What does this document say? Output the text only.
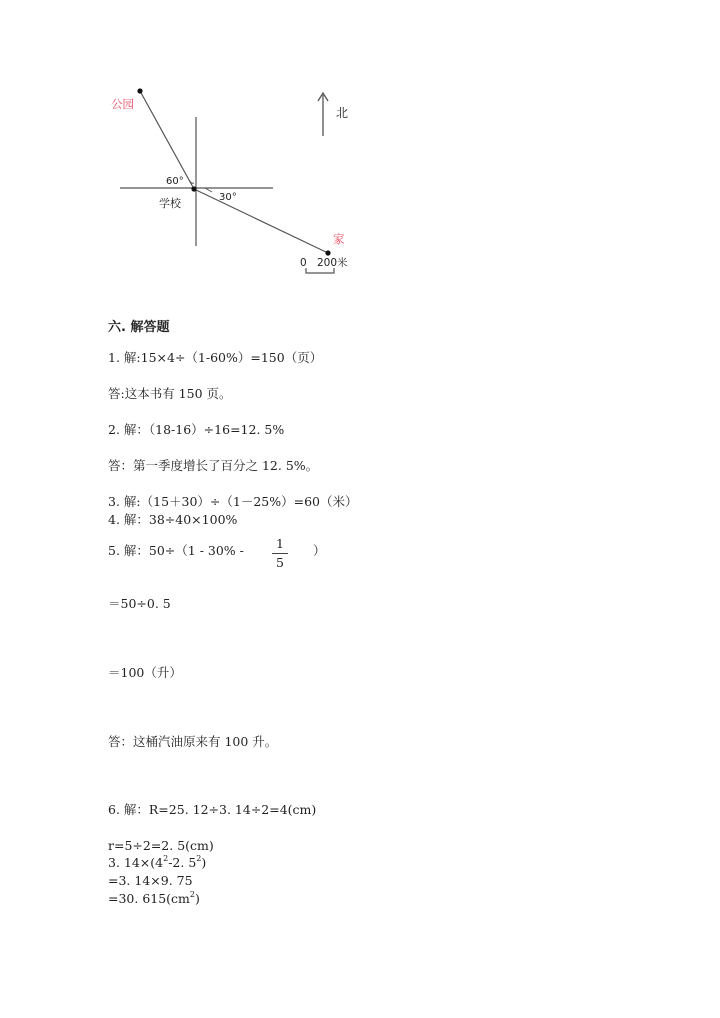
公园
学校
家
北
60°
30°
0 200米
六. 解答题
1. 解:15×4÷（1-60%）=150（页）
答:这本书有 150 页。
2. 解：（18-16）÷16=12. 5%
答：第一季度增长了百分之 12. 5%。
3. 解:（15＋30）÷（1－25%）=60（米）
4. 解：38÷40×100%
5. 解：50÷（1 - 30% -	1
5
）
＝50÷0. 5
＝100（升）
答：这桶汽油原来有 100 升。
6. 解：R=25. 12÷3. 14÷2=4(cm)
r=5÷2=2. 5(cm)
3. $14\times(4^2-2$. $5^2$)
=3. 14×9. 75
=30. $615(cm^2)$
